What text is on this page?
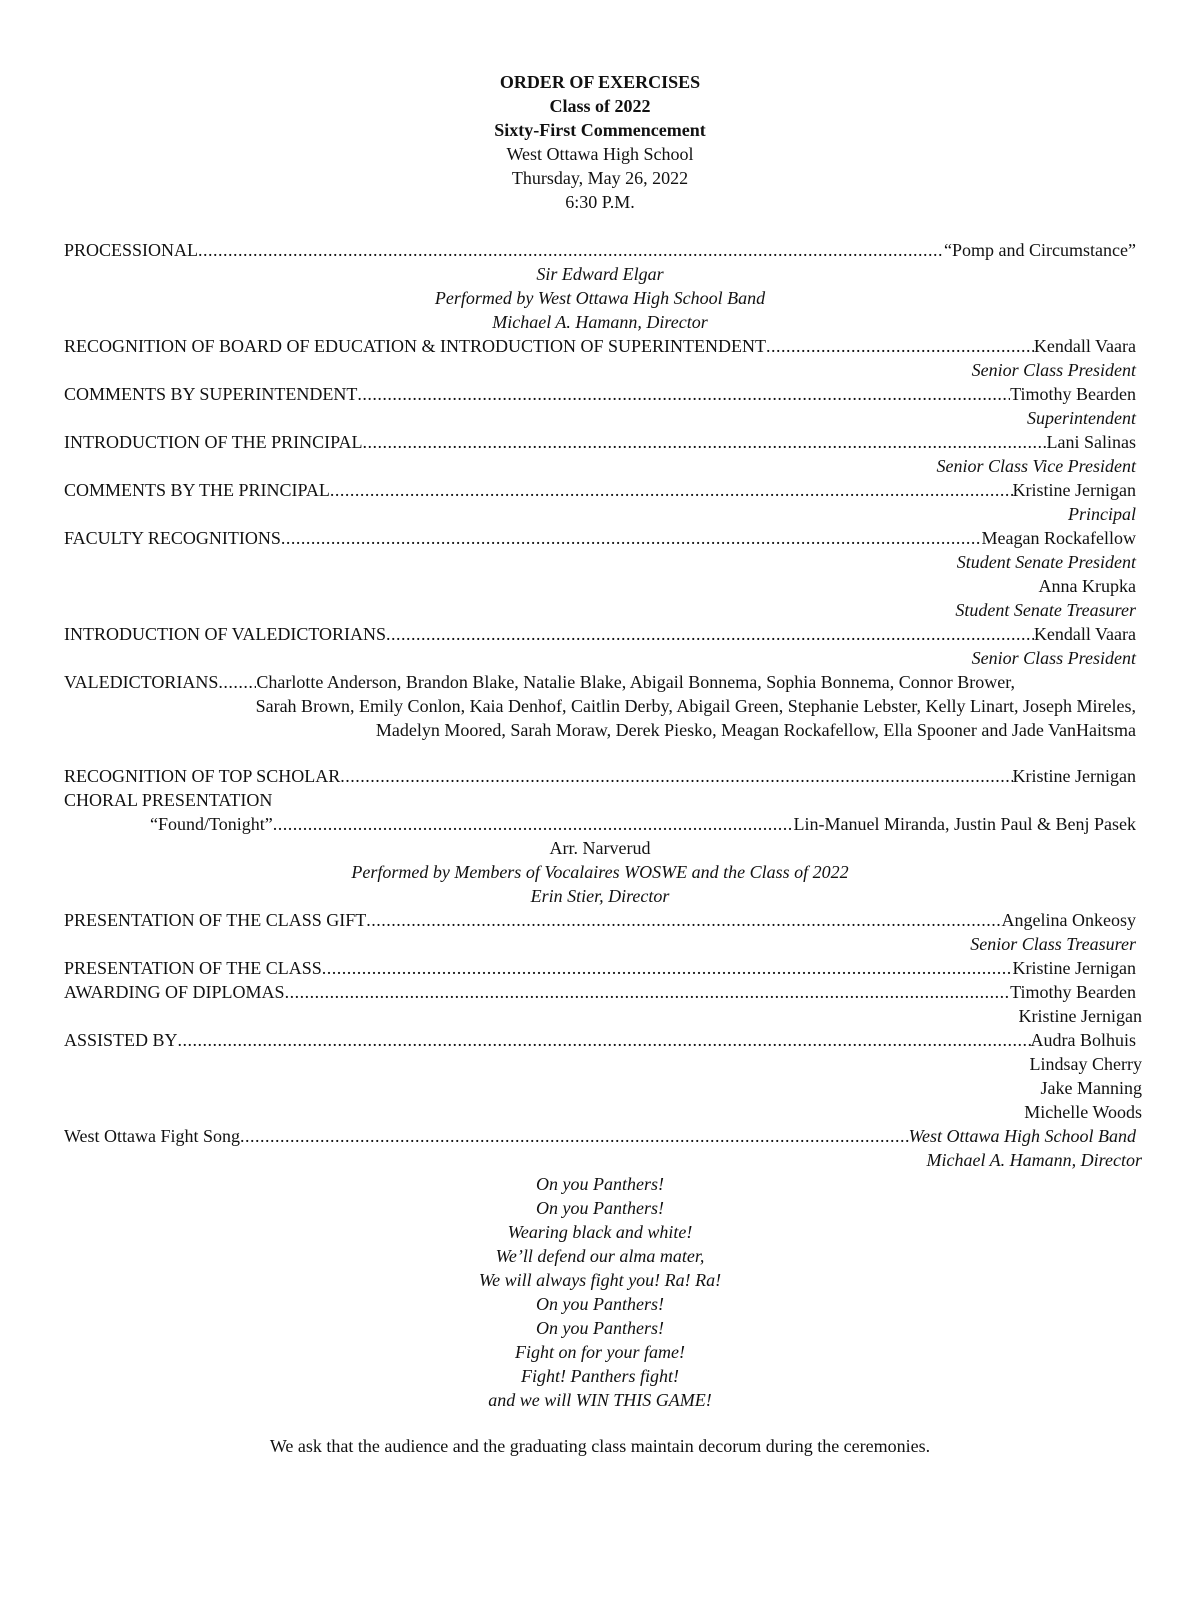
ORDER OF EXERCISES
Class of 2022
Sixty-First Commencement
West Ottawa High School
Thursday, May 26, 2022
6:30 P.M.
PROCESSIONAL .....	“Pomp and Circumstance”
Sir Edward Elgar
Performed by West Ottawa High School Band
Michael A. Hamann, Director
RECOGNITION OF BOARD OF EDUCATION & INTRODUCTION OF SUPERINTENDENT .....	Kendall Vaara
Senior Class President
COMMENTS BY SUPERINTENDENT .....	Timothy Bearden
Superintendent
INTRODUCTION OF THE PRINCIPAL .....	Lani Salinas
Senior Class Vice President
COMMENTS BY THE PRINCIPAL .....	Kristine Jernigan
Principal
FACULTY RECOGNITIONS .....	Meagan Rockafellow
Student Senate President
Anna Krupka
Student Senate Treasurer
INTRODUCTION OF VALEDICTORIANS .....	Kendall Vaara
Senior Class President
VALEDICTORIANS ..... Charlotte Anderson, Brandon Blake, Natalie Blake, Abigail Bonnema, Sophia Bonnema, Connor Brower,
Sarah Brown, Emily Conlon, Kaia Denhof, Caitlin Derby, Abigail Green, Stephanie Lebster, Kelly Linart, Joseph Mireles,
Madelyn Moored, Sarah Moraw, Derek Piesko, Meagan Rockafellow, Ella Spooner and Jade VanHaitsma
RECOGNITION OF TOP SCHOLAR .....	Kristine Jernigan
CHORAL PRESENTATION
“Found/Tonight” .....	Lin-Manuel Miranda, Justin Paul & Benj Pasek
Arr. Narverud
Performed by Members of Vocalaires WOSWE and the Class of 2022
Erin Stier, Director
PRESENTATION OF THE CLASS GIFT .....	Angelina Onkeosy
Senior Class Treasurer
PRESENTATION OF THE CLASS .....	Kristine Jernigan
AWARDING OF DIPLOMAS .....	Timothy Bearden
Kristine Jernigan
ASSISTED BY .....	Audra Bolhuis
Lindsay Cherry
Jake Manning
Michelle Woods
West Ottawa Fight Song .....	West Ottawa High School Band
Michael A. Hamann, Director
On you Panthers!
On you Panthers!
Wearing black and white!
We’ll defend our alma mater,
We will always fight you! Ra! Ra!
On you Panthers!
On you Panthers!
Fight on for your fame!
Fight! Panthers fight!
and we will WIN THIS GAME!
We ask that the audience and the graduating class maintain decorum during the ceremonies.
